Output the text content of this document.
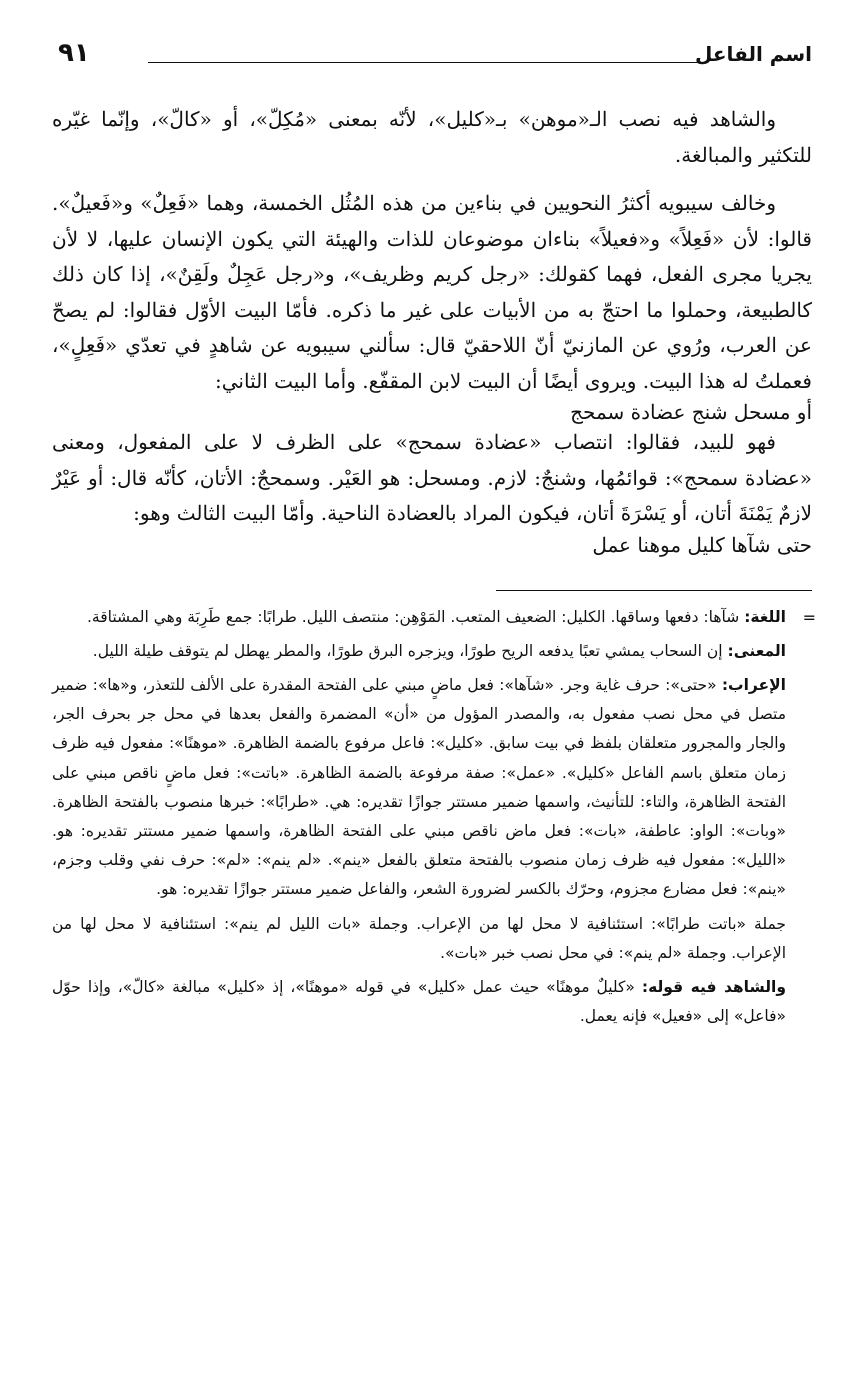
اسم الفاعل
٩١

والشاهد فيه نصب الـ«موهن» بـ«كليل»، لأنّه بمعنى «مُكِلّ»، أو «كالّ»، وإنّما غيّره للتكثير والمبالغة.

وخالف سيبويه أكثرُ النحويين في بناءين من هذه المُثُل الخمسة، وهما «فَعِلٌ» و«فَعيلٌ». قالوا: لأن «فَعِلاً» و«فعيلاً» بناءان موضوعان للذات والهيئة التي يكون الإنسان عليها، لا لأن يجريا مجرى الفعل، فهما كقولك: «رجل كريم وظريف»، و«رجل عَجِلٌ ولَقِنٌ»، إذا كان ذلك كالطبيعة، وحملوا ما احتجّ به من الأبيات على غير ما ذكره. فأمّا البيت الأوّل فقالوا: لم يصحّ عن العرب، ورُوي عن المازنيّ أنّ اللاحقيّ قال: سألني سيبويه عن شاهدٍ في تعدّي «فَعِلٍ»، فعملتُ له هذا البيت. ويروى أيضًا أن البيت لابن المقفّع. وأما البيت الثاني:

أو مسحل شنج عضادة سمحج

فهو للبيد، فقالوا: انتصاب «عضادة سمحج» على الظرف لا على المفعول، ومعنى «عضادة سمحج»: قوائمُها، وشنجٌ: لازم. ومسحل: هو العَيْر. وسمحجٌ: الأتان، كأنّه قال: أو عَيْرٌ لازمٌ يَمْنَةَ أتان، أو يَسْرَةَ أتان، فيكون المراد بالعضادة الناحية. وأمّا البيت الثالث وهو:

حتى شآها كليل موهنا عمل

=

اللغة: شآها: دفعها وساقها. الكليل: الضعيف المتعب. المَوْهِن: منتصف الليل. طرابًا: جمع طَرِبَة وهي المشتاقة.

المعنى: إن السحاب يمشي تعبًا يدفعه الريح طورًا، ويزجره البرق طورًا، والمطر يهطل لم يتوقف طيلة الليل.

الإعراب: «حتى»: حرف غاية وجر. «شآها»: فعل ماضٍ مبني على الفتحة المقدرة على الألف للتعذر، و«ها»: ضمير متصل في محل نصب مفعول به، والمصدر المؤول من «أن» المضمرة والفعل بعدها في محل جر بحرف الجر، والجار والمجرور متعلقان بلفظ في بيت سابق. «كليل»: فاعل مرفوع بالضمة الظاهرة. «موهنًا»: مفعول فيه ظرف زمان متعلق باسم الفاعل «كليل». «عمل»: صفة مرفوعة بالضمة الظاهرة. «باتت»: فعل ماضٍ ناقص مبني على الفتحة الظاهرة، والتاء: للتأنيث، واسمها ضمير مستتر جوازًا تقديره: هي. «طرابًا»: خبرها منصوب بالفتحة الظاهرة. «وبات»: الواو: عاطفة، «بات»: فعل ماض ناقص مبني على الفتحة الظاهرة، واسمها ضمير مستتر تقديره: هو. «الليل»: مفعول فيه ظرف زمان منصوب بالفتحة متعلق بالفعل «ينم». «لم ينم»: «لم»: حرف نفي وقلب وجزم، «ينم»: فعل مضارع مجزوم، وحرّك بالكسر لضرورة الشعر، والفاعل ضمير مستتر جوازًا تقديره: هو.

جملة «باتت طرابًا»: استئنافية لا محل لها من الإعراب. وجملة «بات الليل لم ينم»: استئنافية لا محل لها من الإعراب. وجملة «لم ينم»: في محل نصب خبر «بات».

والشاهد فيه قوله: «كليلٌ موهنًا» حيث عمل «كليل» في قوله «موهنًا»، إذ «كليل» مبالغة «كالّ»، وإذا حوّل «فاعل» إلى «فعيل» فإنه يعمل.
